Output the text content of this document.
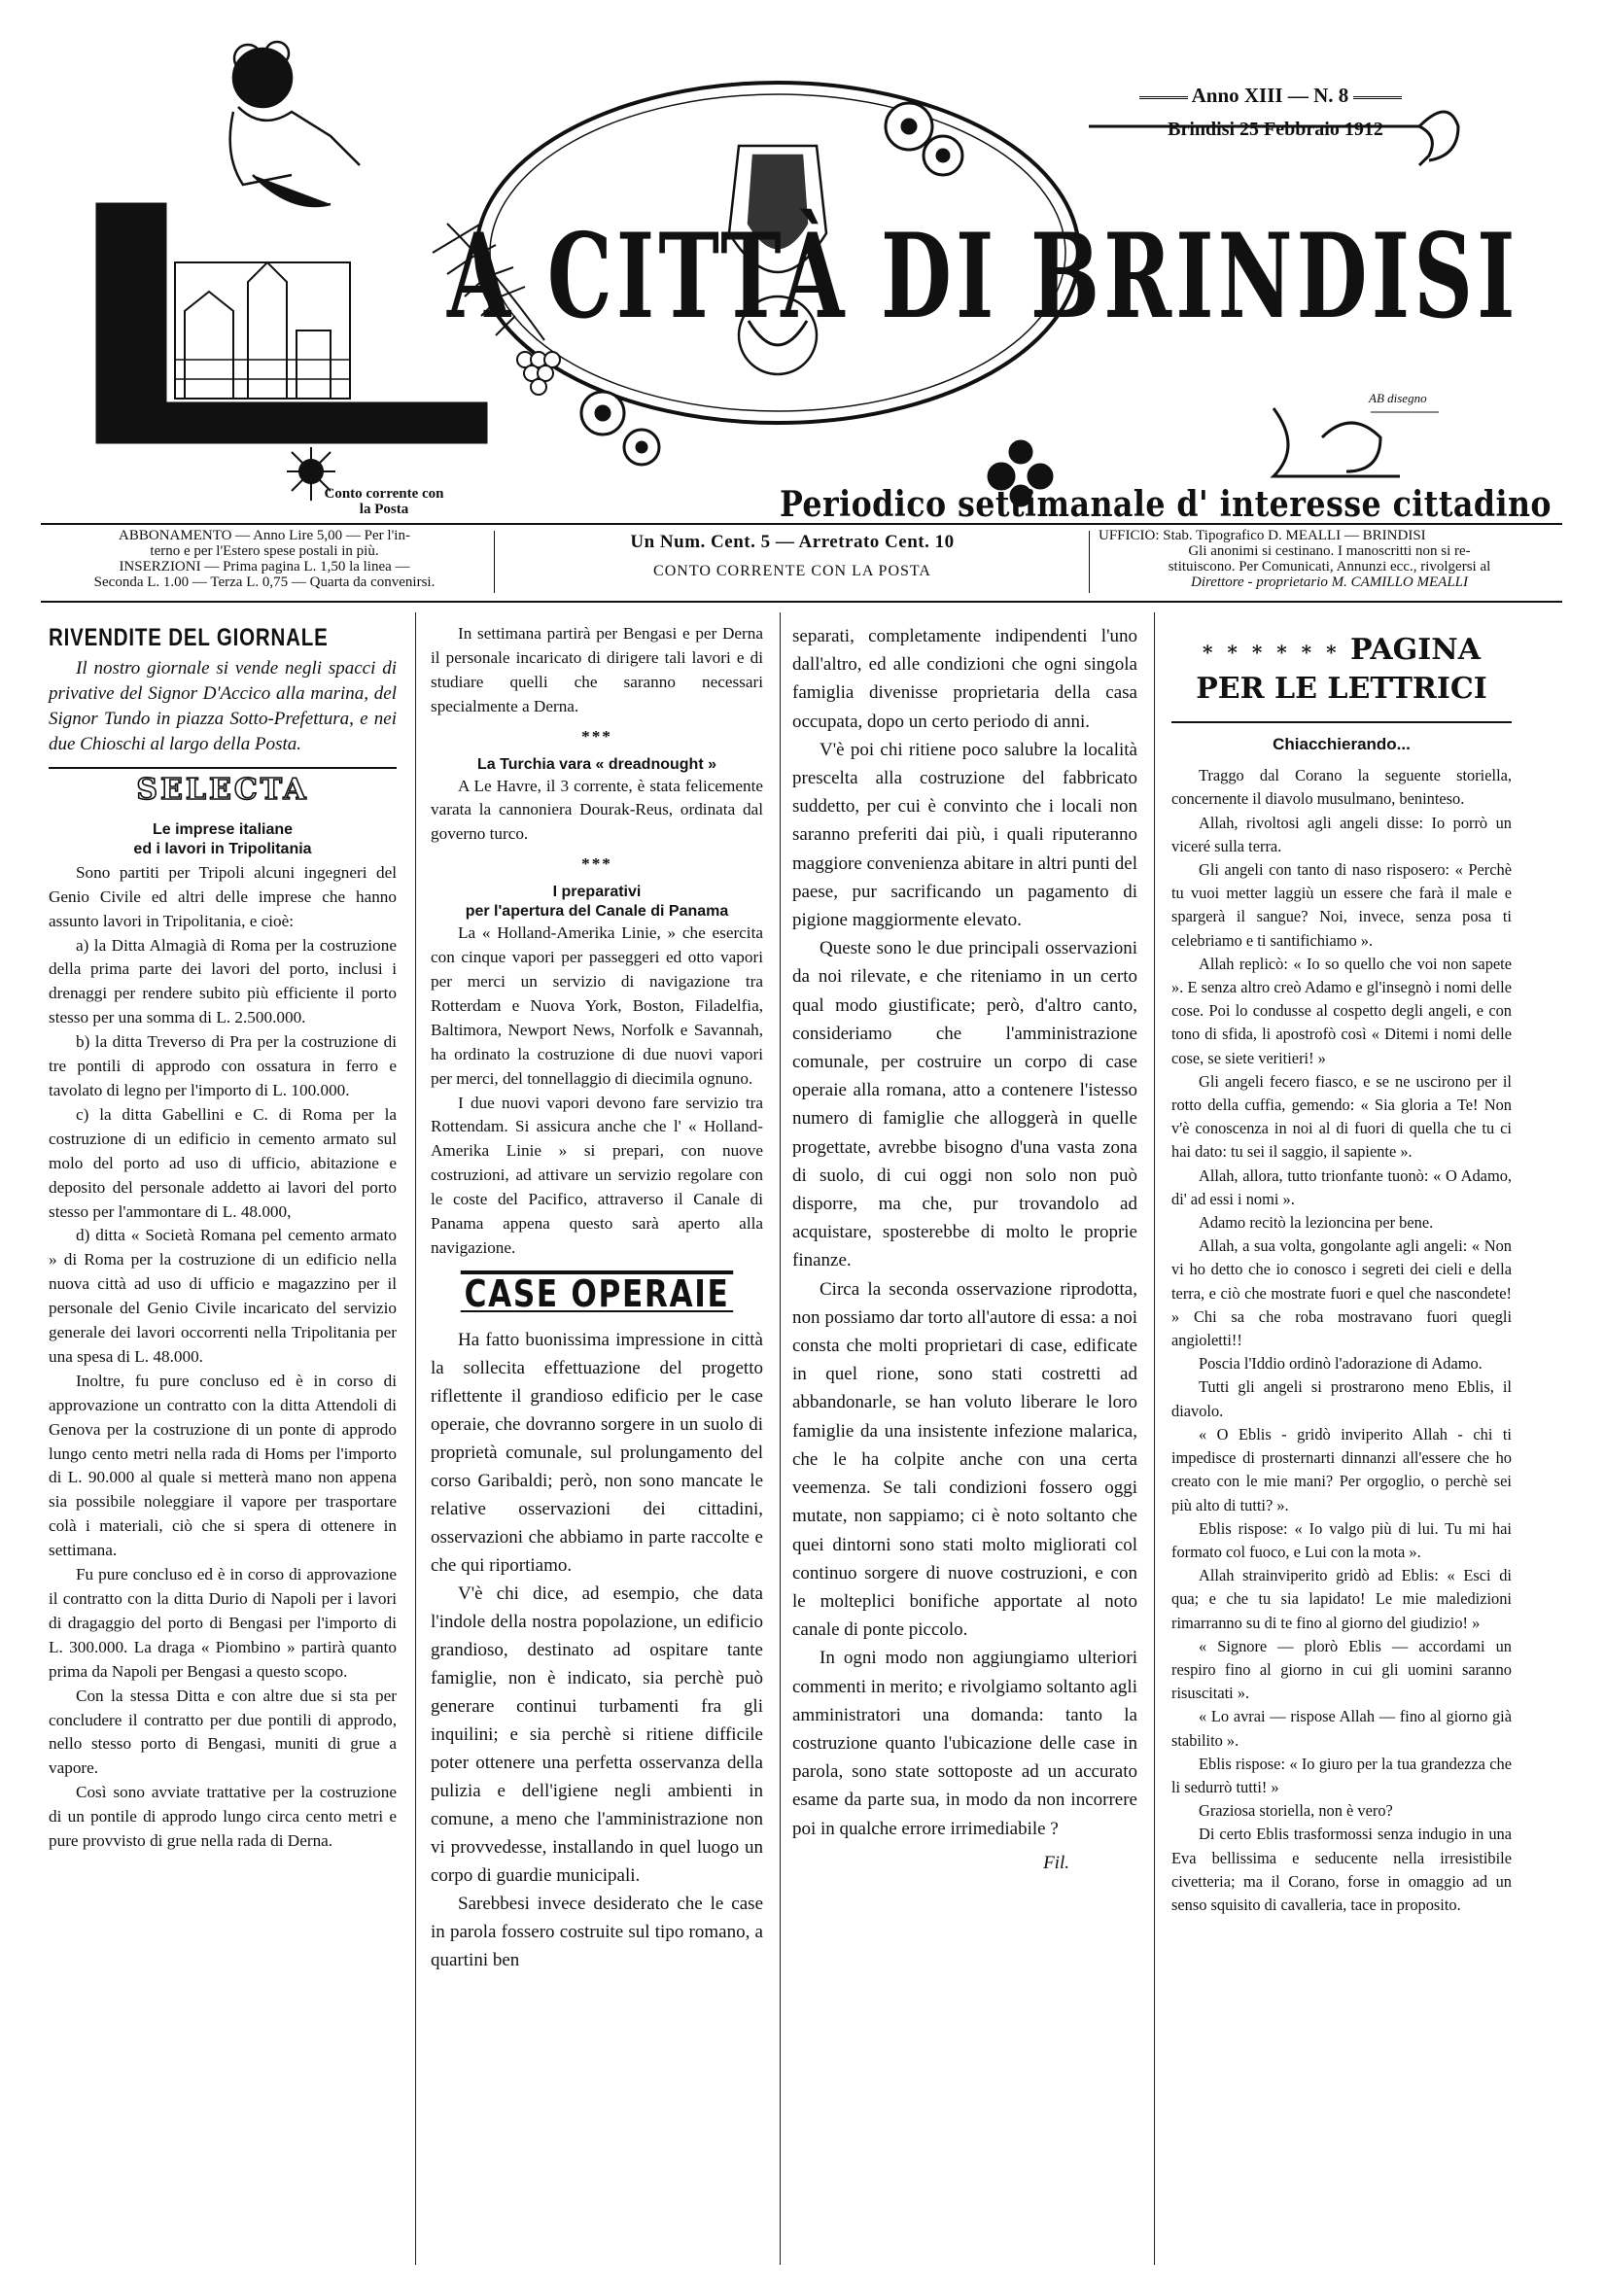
Anno XIII — N. 8
Brindisi 25 Febbraio 1912
A CITTÀ DI BRINDISI
Conto corrente con la Posta
AB disegno
Periodico settimanale d' interesse cittadino
ABBONAMENTO — Anno Lire 5,00 — Per l'in-
terno e per l'Estero spese postali in più.
INSERZIONI — Prima pagina L. 1,50 la linea —
Seconda L. 1.00 — Terza L. 0,75 — Quarta da convenirsi.
Un Num. Cent. 5 — Arretrato Cent. 10
CONTO CORRENTE CON LA POSTA
UFFICIO: Stab. Tipografico D. MEALLI — BRINDISI
Gli anonimi si cestinano. I manoscritti non si re-
stituiscono. Per Comunicati, Annunzi ecc., rivolgersi al
Direttore - proprietario M. CAMILLO MEALLI
RIVENDITE DEL GIORNALE

Il nostro giornale si vende negli spacci di privative del Signor D'Accico alla marina, del Signor Tundo in piazza Sotto-Prefettura, e nei due Chioschi al largo della Posta.

SELECTA
Le imprese italiane
ed i lavori in Tripolitania

Sono partiti per Tripoli alcuni ingegneri del Genio Civile ed altri delle imprese che hanno assunto lavori in Tripolitania, e cioè:

a) la Ditta Almagià di Roma per la costruzione della prima parte dei lavori del porto, inclusi i drenaggi per rendere subito più efficiente il porto stesso per una somma di L. 2.500.000.

b) la ditta Treverso di Pra per la costruzione di tre pontili di approdo con ossatura in ferro e tavolato di legno per l'importo di L. 100.000.

c) la ditta Gabellini e C. di Roma per la costruzione di un edificio in cemento armato sul molo del porto ad uso di ufficio, abitazione e deposito del personale addetto ai lavori del porto stesso per l'ammontare di L. 48.000,

d) ditta « Società Romana pel cemento armato » di Roma per la costruzione di un edificio nella nuova città ad uso di ufficio e magazzino per il personale del Genio Civile incaricato del servizio generale dei lavori occorrenti nella Tripolitania per una spesa di L. 48.000.

Inoltre, fu pure concluso ed è in corso di approvazione un contratto con la ditta Attendoli di Genova per la costruzione di un ponte di approdo lungo cento metri nella rada di Homs per l'importo di L. 90.000 al quale si metterà mano non appena sia possibile noleggiare il vapore per trasportare colà i materiali, ciò che si spera di ottenere in settimana.

Fu pure concluso ed è in corso di approvazione il contratto con la ditta Durio di Napoli per i lavori di dragaggio del porto di Bengasi per l'importo di L. 300.000. La draga « Piombino » partirà quanto prima da Napoli per Bengasi a questo scopo.

Con la stessa Ditta e con altre due si sta per concludere il contratto per due pontili di approdo, nello stesso porto di Bengasi, muniti di grue a vapore.

Così sono avviate trattative per la costruzione di un pontile di approdo lungo circa cento metri e pure provvisto di grue nella rada di Derna.

In settimana partirà per Bengasi e per Derna il personale incaricato di dirigere tali lavori e di studiare quelli che saranno necessari specialmente a Derna.

***
La Turchia vara « dreadnought »

A Le Havre, il 3 corrente, è stata felicemente varata la cannoniera Dourak-Reus, ordinata dal governo turco.

***
I preparativi
per l'apertura del Canale di Panama

La « Holland-Amerika Linie, » che esercita con cinque vapori per passeggeri ed otto vapori per merci un servizio di navigazione tra Rotterdam e Nuova York, Boston, Filadelfia, Baltimora, Newport News, Norfolk e Savannah, ha ordinato la costruzione di due nuovi vapori per merci, del tonnellaggio di diecimila ognuno.

I due nuovi vapori devono fare servizio tra Rottendam. Si assicura anche che l' « Holland-Amerika Linie » si prepari, con nuove costruzioni, ad attivare un servizio regolare con le coste del Pacifico, attraverso il Canale di Panama appena questo sarà aperto alla navigazione.

CASE OPERAIE

Ha fatto buonissima impressione in città la sollecita effettuazione del progetto riflettente il grandioso edificio per le case operaie, che dovranno sorgere in un suolo di proprietà comunale, sul prolungamento del corso Garibaldi; però, non sono mancate le relative osservazioni dei cittadini, osservazioni che abbiamo in parte raccolte e che qui riportiamo.

V'è chi dice, ad esempio, che data l'indole della nostra popolazione, un edificio grandioso, destinato ad ospitare tante famiglie, non è indicato, sia perchè può generare continui turbamenti fra gli inquilini; e sia perchè si ritiene difficile poter ottenere una perfetta osservanza della pulizia e dell'igiene negli ambienti in comune, a meno che l'amministrazione non vi provvedesse, installando in quel luogo un corpo di guardie municipali.

Sarebbesi invece desiderato che le case in parola fossero costruite sul tipo romano, a quartini ben

separati, completamente indipendenti l'uno dall'altro, ed alle condizioni che ogni singola famiglia divenisse proprietaria della casa occupata, dopo un certo periodo di anni.

V'è poi chi ritiene poco salubre la località prescelta alla costruzione del fabbricato suddetto, per cui è convinto che i locali non saranno preferiti dai più, i quali riputeranno maggiore convenienza abitare in altri punti del paese, pur sacrificando un pagamento di pigione maggiormente elevato.

Queste sono le due principali osservazioni da noi rilevate, e che riteniamo in un certo qual modo giustificate; però, d'altro canto, consideriamo che l'amministrazione comunale, per costruire un corpo di case operaie alla romana, atto a contenere l'istesso numero di famiglie che alloggerà in quelle progettate, avrebbe bisogno d'una vasta zona di suolo, di cui oggi non solo non può disporre, ma che, pur trovandolo ad acquistare, sposterebbe di molto le proprie finanze.

Circa la seconda osservazione riprodotta, non possiamo dar torto all'autore di essa: a noi consta che molti proprietari di case, edificate in quel rione, sono stati costretti ad abbandonarle, se han voluto liberare le loro famiglie da una insistente infezione malarica, che le ha colpite anche con una certa veemenza. Se tali condizioni fossero oggi mutate, non sappiamo; ci è noto soltanto che quei dintorni sono stati molto migliorati col continuo sorgere di nuove costruzioni, e con le molteplici bonifiche apportate al noto canale di ponte piccolo.

In ogni modo non aggiungiamo ulteriori commenti in merito; e rivolgiamo soltanto agli amministratori una domanda: tanto la costruzione quanto l'ubicazione delle case in parola, sono state sottoposte ad un accurato esame da parte sua, in modo da non incorrere poi in qualche errore irrimediabile ?

Fil.
* * * * * * PAGINA
PER LE LETTRICI
Chiacchierando...

Traggo dal Corano la seguente storiella, concernente il diavolo musulmano, beninteso.

Allah, rivoltosi agli angeli disse: Io porrò un viceré sulla terra.

Gli angeli con tanto di naso risposero: « Perchè tu vuoi metter laggiù un essere che farà il male e spargerà il sangue? Noi, invece, senza posa ti celebriamo e ti santifichiamo ».

Allah replicò: « Io so quello che voi non sapete ». E senza altro creò Adamo e gl'insegnò i nomi delle cose. Poi lo condusse al cospetto degli angeli, e con tono di sfida, li apostrofò così « Ditemi i nomi delle cose, se siete veritieri! »

Gli angeli fecero fiasco, e se ne uscirono per il rotto della cuffia, gemendo: « Sia gloria a Te! Non v'è conoscenza in noi al di fuori di quella che tu ci hai dato: tu sei il saggio, il sapiente ».

Allah, allora, tutto trionfante tuonò: « O Adamo, di' ad essi i nomi ».

Adamo recitò la lezioncina per bene.

Allah, a sua volta, gongolante agli angeli: « Non vi ho detto che io conosco i segreti dei cieli e della terra, e ciò che mostrate fuori e quel che nascondete! » Chi sa che roba mostravano fuori quegli angioletti!!

Poscia l'Iddio ordinò l'adorazione di Adamo.

Tutti gli angeli si prostrarono meno Eblis, il diavolo.

« O Eblis - gridò inviperito Allah - chi ti impedisce di prosternarti dinnanzi all'essere che ho creato con le mie mani? Per orgoglio, o perchè sei più alto di tutti? ».

Eblis rispose: « Io valgo più di lui. Tu mi hai formato col fuoco, e Lui con la mota ».

Allah strainviperito gridò ad Eblis: « Esci di qua; e che tu sia lapidato! Le mie maledizioni rimarranno su di te fino al giorno del giudizio! »

« Signore — plorò Eblis — accordami un respiro fino al giorno in cui gli uomini saranno risuscitati ».

« Lo avrai — rispose Allah — fino al giorno già stabilito ».

Eblis rispose: « Io giuro per la tua grandezza che li sedurrò tutti! »

Graziosa storiella, non è vero?

Di certo Eblis trasformossi senza indugio in una Eva bellissima e seducente nella irresistibile civetteria; ma il Corano, forse in omaggio ad un senso squisito di cavalleria, tace in proposito.
